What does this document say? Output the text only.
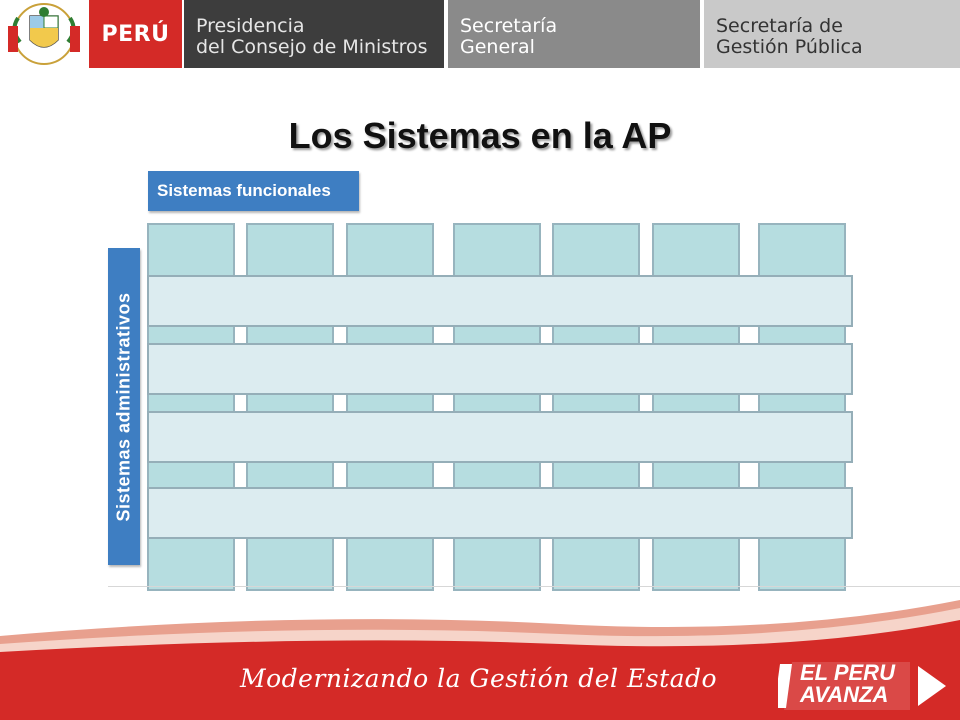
PERÚ	Presidencia
del Consejo de Ministros
Secretaría
General
Secretaría de
Gestión Pública
Los Sistemas en la AP
Sistemas funcionales
Sistemas administrativos
Modernizando la Gestión del Estado	EL PERU
AVANZA
